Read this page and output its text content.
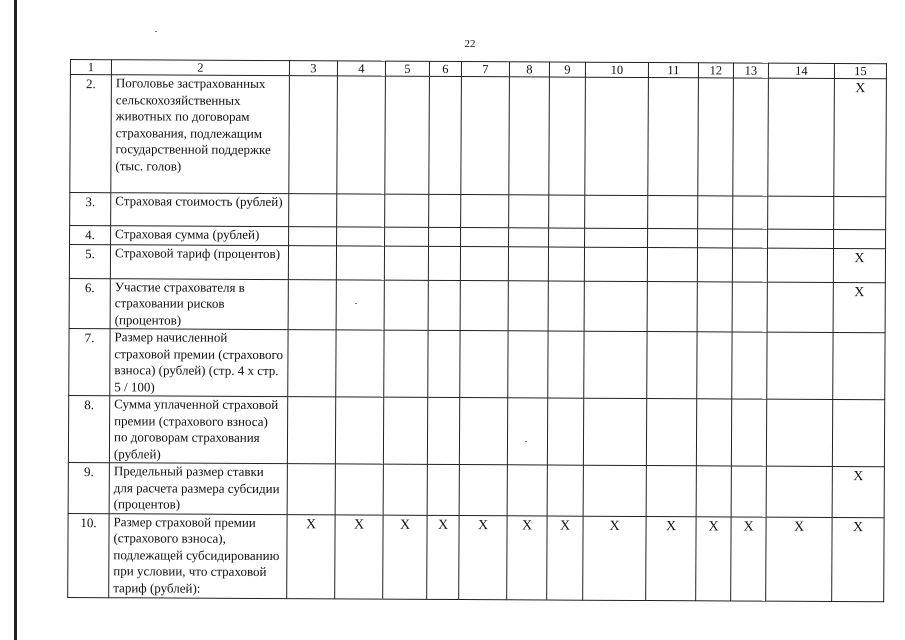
22
1	2	3	4	5	6	7	8	9	10	11	12	13	14	15
2.	Поголовье застрахованных сельскохозяйственных животных по договорам страхования, подлежащим государственной поддержке (тыс. голов)													X
3.	Страховая стоимость (рублей)													
4.	Страховая сумма (рублей)													
5.	Страховой тариф (процентов)													X
6.	Участие страхователя в страховании рисков (процентов)													X
7.	Размер начисленной страховой премии (страхового взноса) (рублей) (стр. 4 х стр. 5 / 100)													
8.	Сумма уплаченной страховой премии (страхового взноса) по договорам страхования (рублей)													
9.	Предельный размер ставки для расчета размера субсидии (процентов)													X
10.	Размер страховой премии (страхового взноса), подлежащей субсидированию при условии, что страховой тариф (рублей):	X	X	X	X	X	X	X	X	X	X	X	X	X
